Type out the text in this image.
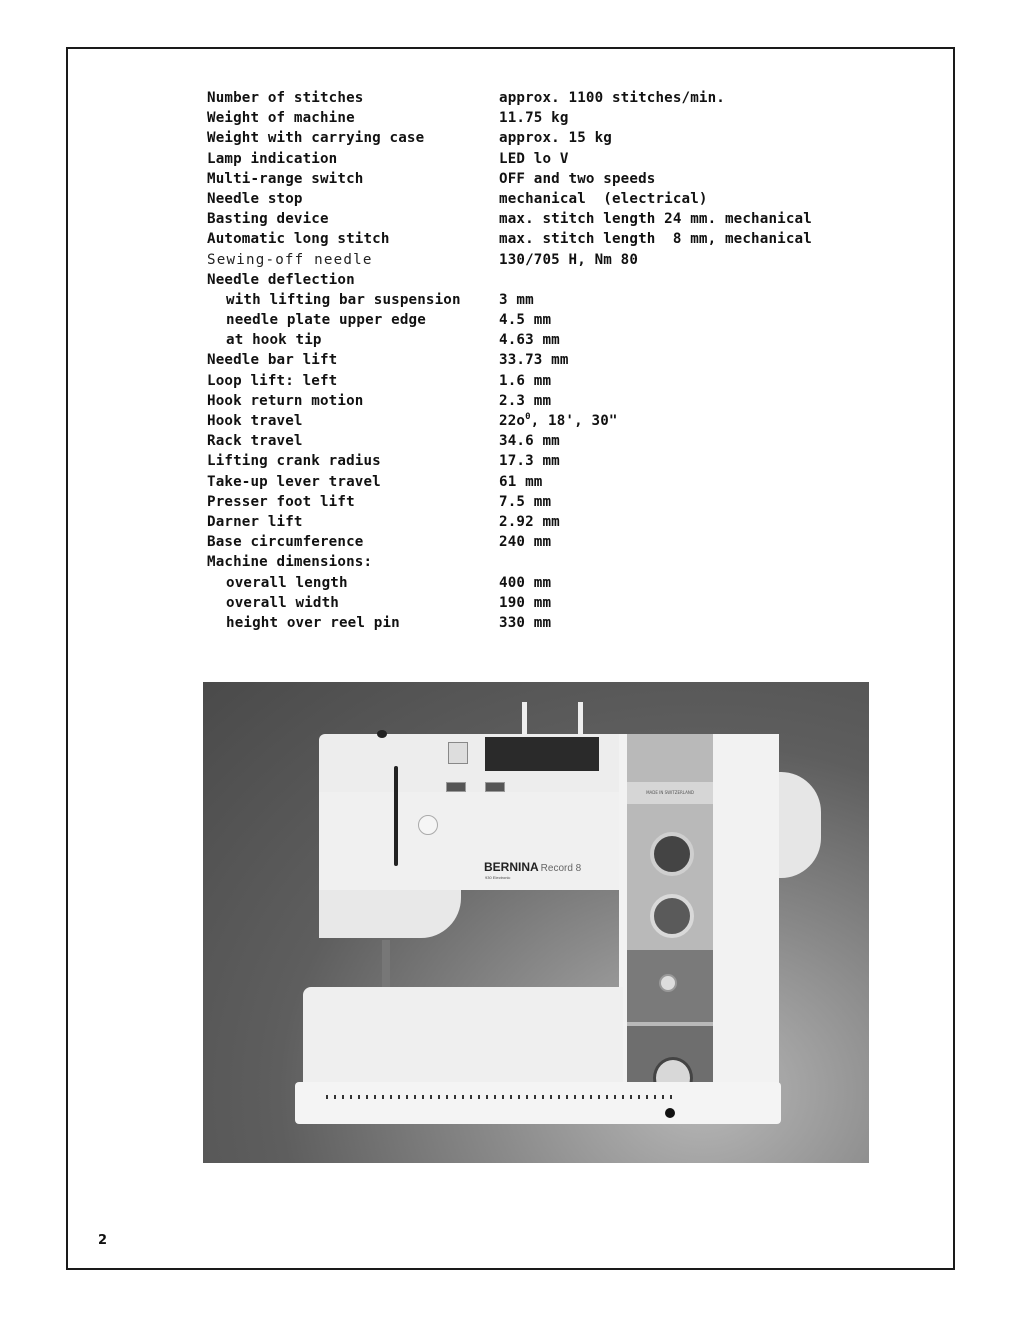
Number of stitches	approx. 1100 stitches/min.
Weight of machine	11.75 kg
Weight with carrying case	approx. 15 kg
Lamp indication	LED lo V
Multi-range switch	OFF and two speeds
Needle stop	mechanical  (electrical)
Basting device	max. stitch length 24 mm. mechanical
Automatic long stitch	max. stitch length  8 mm, mechanical
Sewing-off needle	130/705 H, Nm 80
Needle deflection
with lifting bar suspension	3 mm
needle plate upper edge	4.5 mm
at hook tip	4.63 mm
Needle bar lift	33.73 mm
Loop lift: left	1.6 mm
Hook return motion	2.3 mm
Hook travel	$22o^0$, 18', 30"
Rack travel	34.6 mm
Lifting crank radius	17.3 mm
Take-up lever travel	61 mm
Presser foot lift	7.5 mm
Darner lift	2.92 mm
Base circumference	240 mm
Machine dimensions:
overall length	400 mm
overall width	190 mm
height over reel pin	330 mm
MADE IN SWITZERLAND
BERNINA Record 8
930 Electronic
2
